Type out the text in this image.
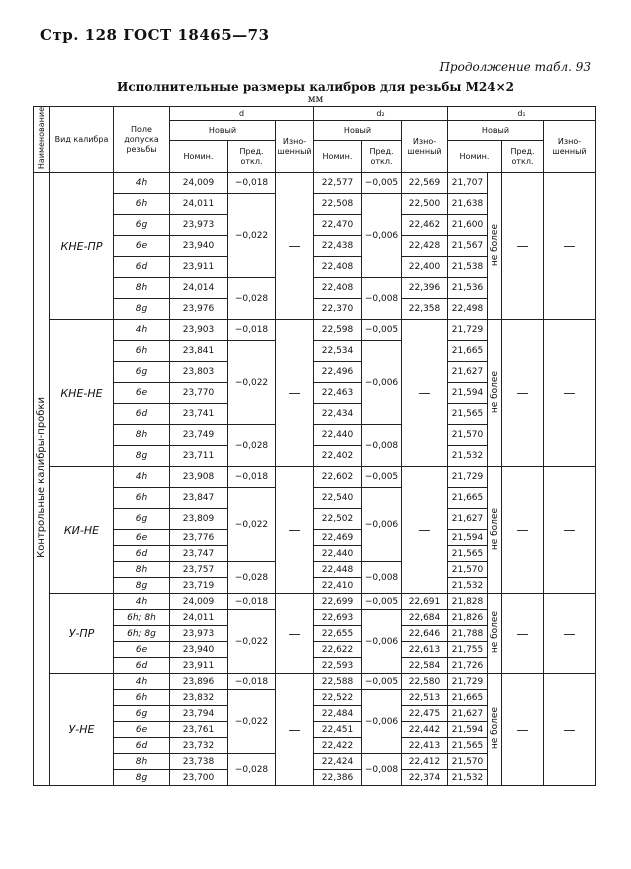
Стр. 128 ГОСТ 18465—73
Продолжение табл. 93
Исполнительные размеры калибров для резьбы М24×2
мм
Наименование	Вид калибра	Поле допуска резьбы	d			d₂			d₁			
			Новый		Изно-шенный	Новый		Изно-шенный	Новый			Изно-шенный
			Номин.	Пред. откл.		Номин.	Пред. откл.		Номин.		Пред. откл.	
Контрольные калибры-пробки	КНЕ-ПР	4h	24,009	−0,018	—	22,577	−0,005	22,569	21,707	не более	—	—
		6h	24,011	−0,022		22,508	−0,006	22,500	21,638			
		6g	23,973			22,470		22,462	21,600			
		6e	23,940			22,438		22,428	21,567			
		6d	23,911			22,408		22,400	21,538			
		8h	24,014	−0,028		22,408	−0,008	22,396	21,536			
		8g	23,976			22,370		22,358	22,498			
	КНЕ-НЕ	4h	23,903	−0,018	—	22,598	−0,005	—	21,729	не более	—	—
		6h	23,841	−0,022		22,534	−0,006		21,665			
		6g	23,803			22,496			21,627			
		6e	23,770			22,463			21,594			
		6d	23,741			22,434			21,565			
		8h	23,749	−0,028		22,440	−0,008		21,570			
		8g	23,711			22,402			21,532			
	КИ-НЕ	4h	23,908	−0,018	—	22,602	−0,005	—	21,729	не более	—	—
		6h	23,847	−0,022		22,540	−0,006		21,665			
		6g	23,809			22,502			21,627			
		6e	23,776			22,469			21,594			
		6d	23,747			22,440			21,565			
		8h	23,757	−0,028		22,448	−0,008		21,570			
		8g	23,719			22,410			21,532			
	У-ПР	4h	24,009	−0,018	—	22,699	−0,005	22,691	21,828	не более	—	—
		6h; 8h	24,011	−0,022		22,693	−0,006	22,684	21,826			
		6h; 8g	23,973			22,655		22,646	21,788			
		6e	23,940			22,622		22,613	21,755			
		6d	23,911			22,593		22,584	21,726			
	У-НЕ	4h	23,896	−0,018	—	22,588	−0,005	22,580	21,729	не более	—	—
		6h	23,832	−0,022		22,522	−0,006	22,513	21,665			
		6g	23,794			22,484		22,475	21,627			
		6e	23,761			22,451		22,442	21,594			
		6d	23,732			22,422		22,413	21,565			
		8h	23,738	−0,028		22,424	−0,008	22,412	21,570			
		8g	23,700			22,386		22,374	21,532			
